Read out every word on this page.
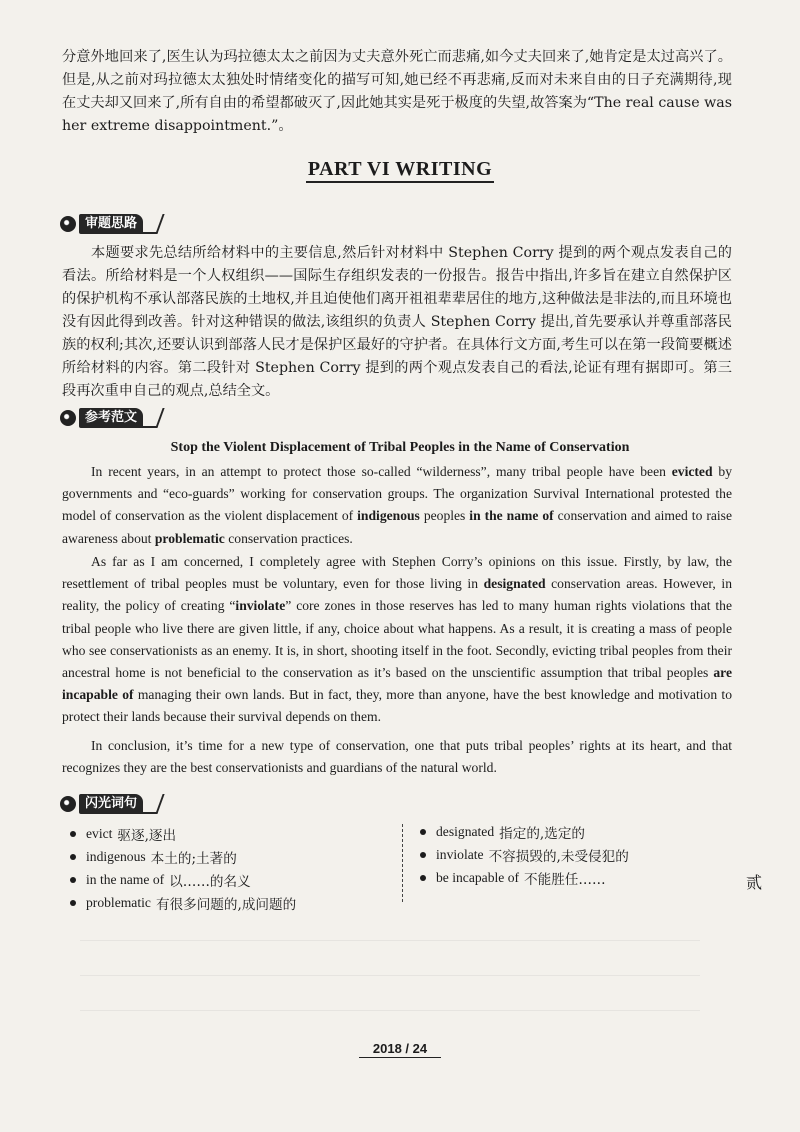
分意外地回来了,医生认为玛拉德太太之前因为丈夫意外死亡而悲痛,如今丈夫回来了,她肯定是太过高兴了。但是,从之前对玛拉德太太独处时情绪变化的描写可知,她已经不再悲痛,反而对未来自由的日子充满期待,现在丈夫却又回来了,所有自由的希望都破灭了,因此她其实是死于极度的失望,故答案为“The real cause was her extreme disappointment.”。

PART VI WRITING
审题思路

本题要求先总结所给材料中的主要信息,然后针对材料中 Stephen Corry 提到的两个观点发表自己的看法。所给材料是一个人权组织——国际生存组织发表的一份报告。报告中指出,许多旨在建立自然保护区的保护机构不承认部落民族的土地权,并且迫使他们离开祖祖辈辈居住的地方,这种做法是非法的,而且环境也没有因此得到改善。针对这种错误的做法,该组织的负责人 Stephen Corry 提出,首先要承认并尊重部落民族的权利;其次,还要认识到部落人民才是保护区最好的守护者。在具体行文方面,考生可以在第一段简要概述所给材料的内容。第二段针对 Stephen Corry 提到的两个观点发表自己的看法,论证有理有据即可。第三段再次重申自己的观点,总结全文。

参考范文
Stop the Violent Displacement of Tribal Peoples in the Name of Conservation

In recent years, in an attempt to protect those so-called “wilderness”, many tribal people have been evicted by governments and “eco-guards” working for conservation groups. The organization Survival International protested the model of conservation as the violent displacement of indigenous peoples in the name of conservation and aimed to raise awareness about problematic conservation practices.

As far as I am concerned, I completely agree with Stephen Corry’s opinions on this issue. Firstly, by law, the resettlement of tribal peoples must be voluntary, even for those living in designated conservation areas. However, in reality, the policy of creating “inviolate” core zones in those reserves has led to many human rights violations that the tribal people who live there are given little, if any, choice about what happens. As a result, it is creating a mass of people who see conservationists as an enemy. It is, in short, shooting itself in the foot. Secondly, evicting tribal peoples from their ancestral home is not beneficial to the conservation as it’s based on the unscientific assumption that tribal peoples are incapable of managing their own lands. But in fact, they, more than anyone, have the best knowledge and motivation to protect their lands because their survival depends on them.

In conclusion, it’s time for a new type of conservation, one that puts tribal peoples’ rights at its heart, and that recognizes they are the best conservationists and guardians of the natural world.

闪光词句
evict 驱逐,逐出
indigenous 本土的;土著的
in the name of 以……的名义
problematic 有很多问题的,成问题的
designated 指定的,选定的
inviolate 不容损毁的,未受侵犯的
be incapable of 不能胜任……	贰
2018 / 24
